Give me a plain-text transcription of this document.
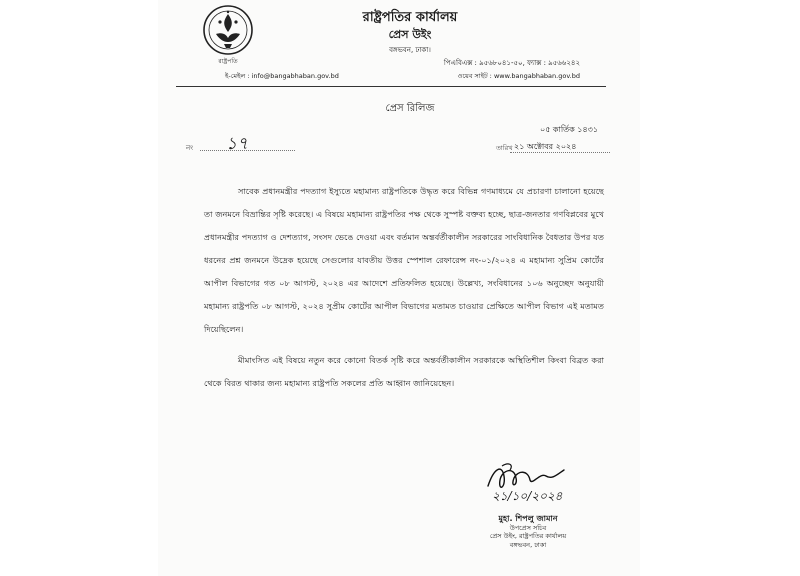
রাষ্ট্রপতি
রাষ্ট্রপতির কার্যালয়
প্রেস উইং
বঙ্গভবন, ঢাকা।
পিএবিএক্স : ৯৫৬৮০৪১-৫০, ফ্যাক্স : ৯৫৬৬২৪২
ই-মেইল : info@bangabhaban.gov.bd	ওয়েব সাইট : www.bangabhaban.gov.bd
প্রেস রিলিজ
০৫ কার্তিক ১৪৩১
নং ১৭	তারিখ ২১ অক্টোবর ২০২৪

সাবেক প্রধানমন্ত্রীর পদত্যাগ ইস্যুতে মহামান্য রাষ্ট্রপতিকে উদ্ধৃত করে বিভিন্ন গণমাধ্যমে যে প্রচারণা চালানো হয়েছে তা জনমনে বিভ্রান্তির সৃষ্টি করেছে। এ বিষয়ে মহামান্য রাষ্ট্রপতির পক্ষ থেকে সুস্পষ্ট বক্তব্য হচ্ছে, ছাত্র-জনতার গণবিপ্লবের মুখে প্রধানমন্ত্রীর পদত্যাগ ও দেশত্যাগ, সংসদ ভেঙে দেওয়া এবং বর্তমান অন্তর্বর্তীকালীন সরকারের সাংবিধানিক বৈধতার উপর যত ধরনের প্রশ্ন জনমনে উদ্রেক হয়েছে সেগুলোর যাবতীয় উত্তর স্পেশাল রেফারেন্স নং-০১/২০২৪ এ মহামান্য সুপ্রিম কোর্টের আপীল বিভাগের গত ০৮ আগস্ট, ২০২৪ এর আদেশে প্রতিফলিত হয়েছে। উল্লেখ্য, সংবিধানের ১০৬ অনুচ্ছেদ অনুযায়ী মহামান্য রাষ্ট্রপতি ০৮ আগস্ট, ২০২৪ সুপ্রীম কোর্টের আপীল বিভাগের মতামত চাওয়ার প্রেক্ষিতে আপীল বিভাগ এই মতামত দিয়েছিলেন।

মীমাংসিত এই বিষয়ে নতুন করে কোনো বিতর্ক সৃষ্টি করে অন্তর্বর্তীকালীন সরকারকে অস্থিতিশীল কিংবা বিব্রত করা থেকে বিরত থাকার জন্য মহামান্য রাষ্ট্রপতি সকলের প্রতি আহ্বান জানিয়েছেন।

২১/১০/২০২৪
মুহা. শিপলু জামান
উপপ্রেস সচিব
প্রেস উইং, রাষ্ট্রপতির কার্যালয়
বঙ্গভবন, ঢাকা
